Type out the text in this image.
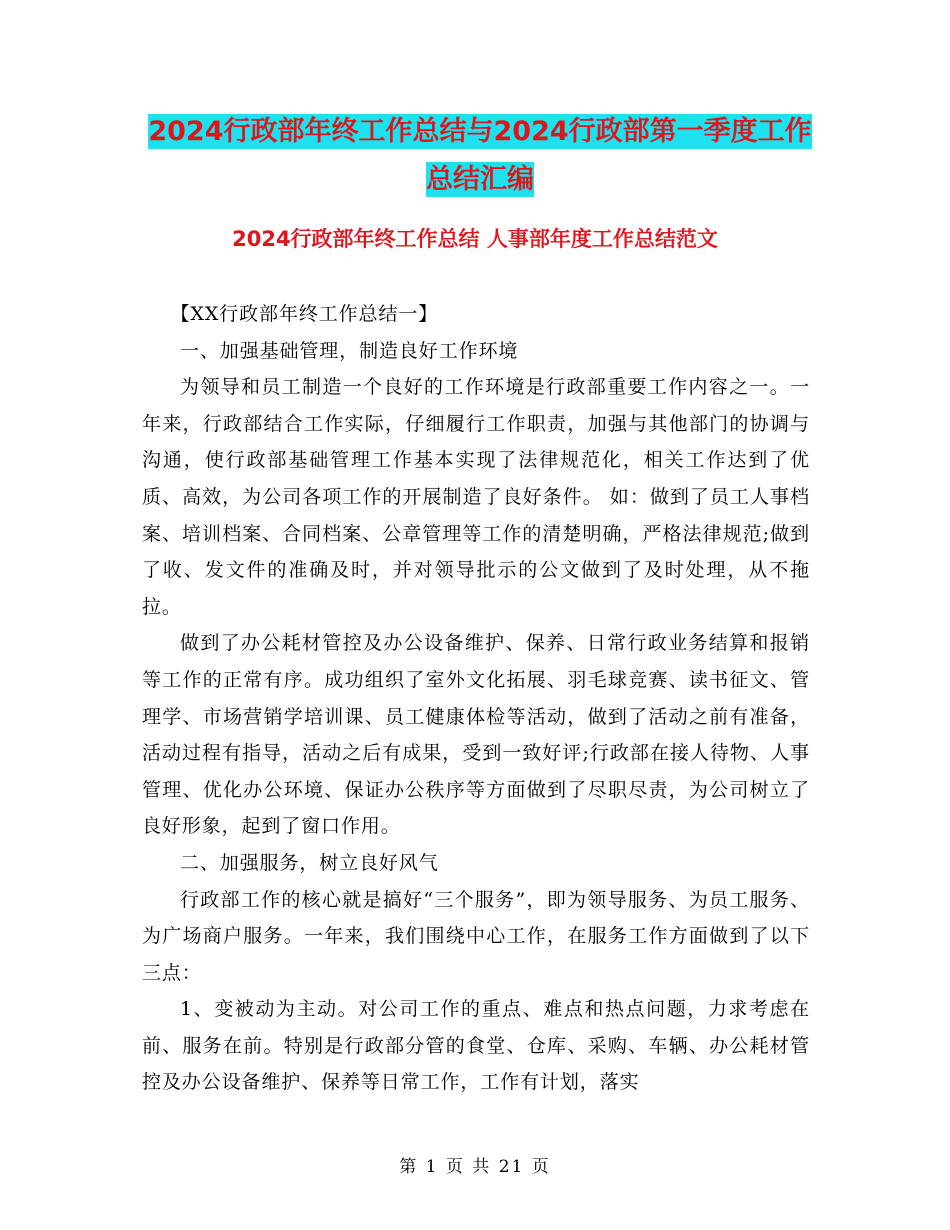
2024行政部年终工作总结与2024行政部第一季度工作总结汇编
2024行政部年终工作总结 人事部年度工作总结范文

【XX行政部年终工作总结一】

一、加强基础管理，制造良好工作环境

为领导和员工制造一个良好的工作环境是行政部重要工作内容之一。一年来，行政部结合工作实际，仔细履行工作职责，加强与其他部门的协调与沟通，使行政部基础管理工作基本实现了法律规范化，相关工作达到了优质、高效，为公司各项工作的开展制造了良好条件。 如：做到了员工人事档案、培训档案、合同档案、公章管理等工作的清楚明确，严格法律规范;做到了收、发文件的准确及时，并对领导批示的公文做到了及时处理，从不拖拉。

做到了办公耗材管控及办公设备维护、保养、日常行政业务结算和报销等工作的正常有序。成功组织了室外文化拓展、羽毛球竞赛、读书征文、管理学、市场营销学培训课、员工健康体检等活动，做到了活动之前有准备，活动过程有指导，活动之后有成果，受到一致好评;行政部在接人待物、人事管理、优化办公环境、保证办公秩序等方面做到了尽职尽责，为公司树立了良好形象，起到了窗口作用。

二、加强服务，树立良好风气

行政部工作的核心就是搞好“三个服务”，即为领导服务、为员工服务、为广场商户服务。一年来，我们围绕中心工作，在服务工作方面做到了以下三点：

1、变被动为主动。对公司工作的重点、难点和热点问题，力求考虑在前、服务在前。特别是行政部分管的食堂、仓库、采购、车辆、办公耗材管控及办公设备维护、保养等日常工作，工作有计划，落实

第 1 页 共 21 页
